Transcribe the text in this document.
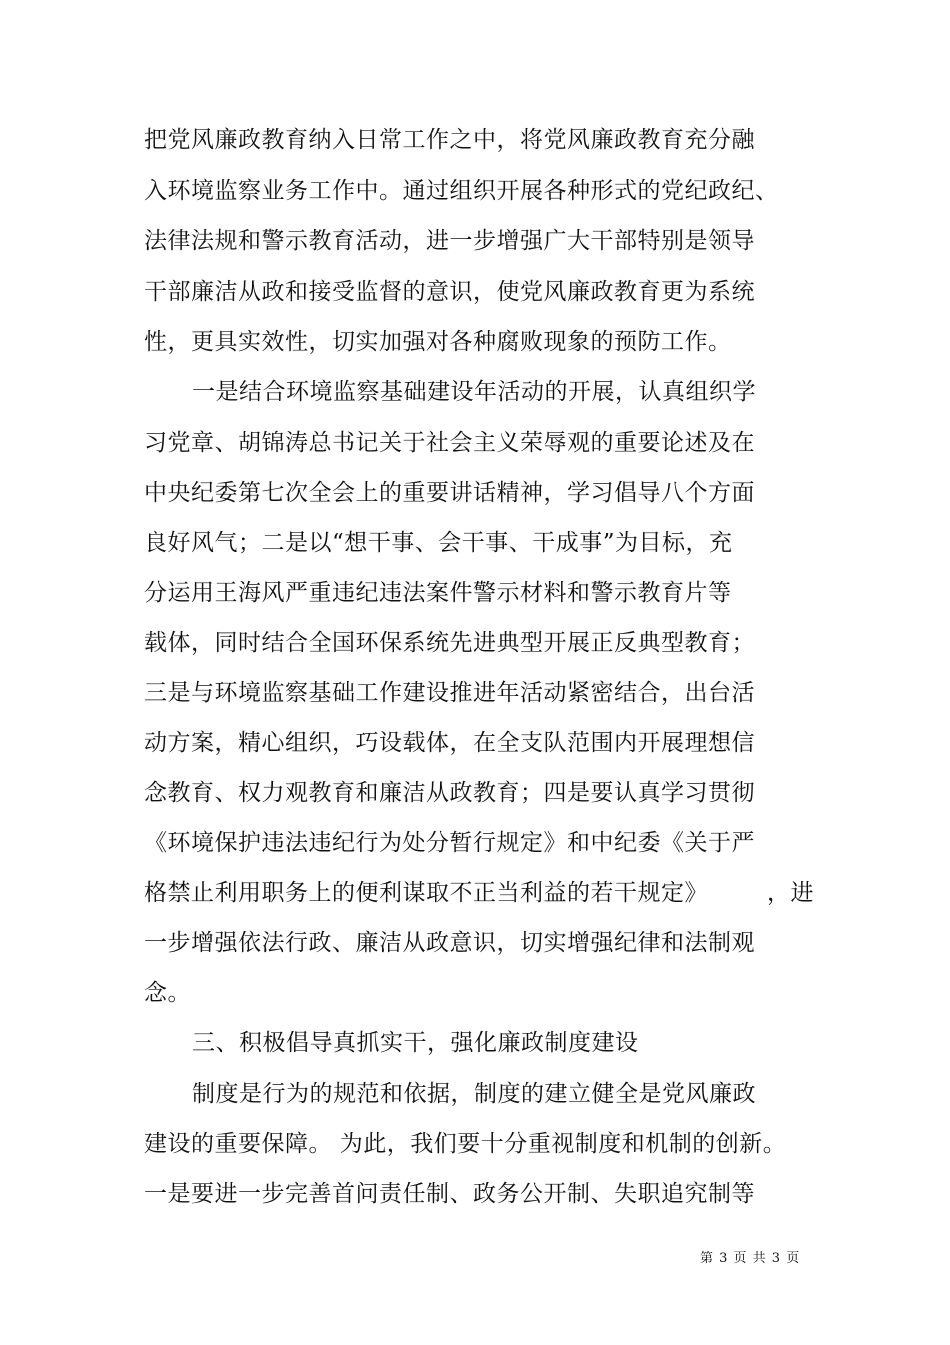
把党风廉政教育纳入日常工作之中，将党风廉政教育充分融
入环境监察业务工作中。通过组织开展各种形式的党纪政纪、
法律法规和警示教育活动，进一步增强广大干部特别是领导
干部廉洁从政和接受监督的意识，使党风廉政教育更为系统
性，更具实效性，切实加强对各种腐败现象的预防工作。
一是结合环境监察基础建设年活动的开展，认真组织学
习党章、胡锦涛总书记关于社会主义荣辱观的重要论述及在
中央纪委第七次全会上的重要讲话精神，学习倡导八个方面
良好风气；二是以“想干事、会干事、干成事”为目标，充
分运用王海风严重违纪违法案件警示材料和警示教育片等
载体，同时结合全国环保系统先进典型开展正反典型教育；
三是与环境监察基础工作建设推进年活动紧密结合，出台活
动方案，精心组织，巧设载体，在全支队范围内开展理想信
念教育、权力观教育和廉洁从政教育；四是要认真学习贯彻
《环境保护违法违纪行为处分暂行规定》和中纪委《关于严
格禁止利用职务上的便利谋取不正当利益的若干规定》　　　，进
一步增强依法行政、廉洁从政意识，切实增强纪律和法制观
念。
三、积极倡导真抓实干，强化廉政制度建设
制度是行为的规范和依据，制度的建立健全是党风廉政
建设的重要保障。 为此，我们要十分重视制度和机制的创新。
一是要进一步完善首问责任制、政务公开制、失职追究制等
第 3 页 共 3 页
